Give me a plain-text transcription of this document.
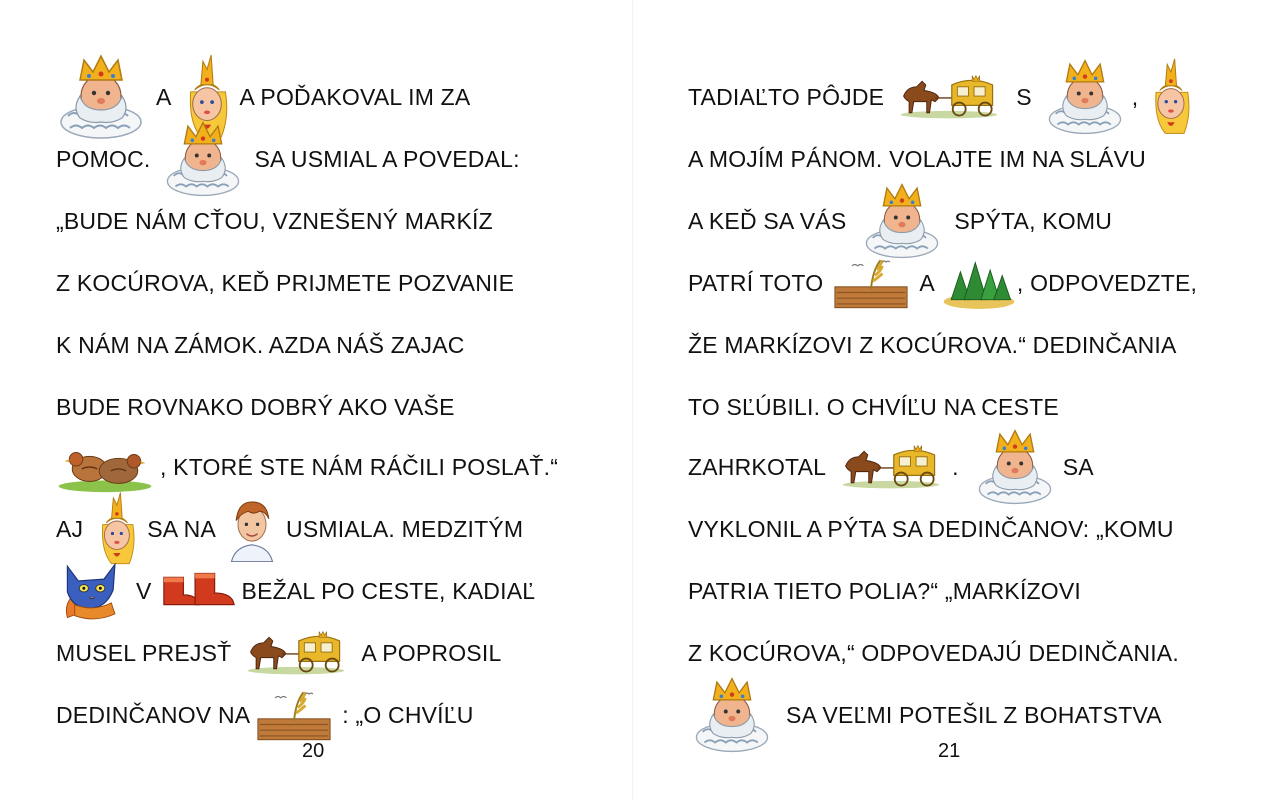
A	A POĎAKOVAL IM ZA
POMOC.	SA USMIAL A POVEDAL:
„BUDE NÁM CŤOU, VZNEŠENÝ MARKÍZ
Z KOCÚROVA, KEĎ PRIJMETE POZVANIE
K NÁM NA ZÁMOK. AZDA NÁŠ ZAJAC
BUDE ROVNAKO DOBRÝ AKO VAŠE
, KTORÉ STE NÁM RÁČILI POSLAŤ.“
AJ	SA NA	USMIALA. MEDZITÝM
V	BEŽAL PO CESTE, KADIAĽ
MUSEL PREJSŤ	A POPROSIL
DEDINČANOV NA	: „O CHVÍĽU
20
TADIAĽTO PÔJDE	S	,
A MOJÍM PÁNOM. VOLAJTE IM NA SLÁVU
A KEĎ SA VÁS	SPÝTA, KOMU
PATRÍ TOTO	A	, ODPOVEDZTE,
ŽE MARKÍZOVI Z KOCÚROVA.“ DEDINČANIA
TO SĽÚBILI. O CHVÍĽU NA CESTE
ZAHRKOTAL	.	SA
VYKLONIL A PÝTA SA DEDINČANOV: „KOMU
PATRIA TIETO POLIA?“ „MARKÍZOVI
Z KOCÚROVA,“ ODPOVEDAJÚ DEDINČANIA.
SA VEĽMI POTEŠIL Z BOHATSTVA
21
